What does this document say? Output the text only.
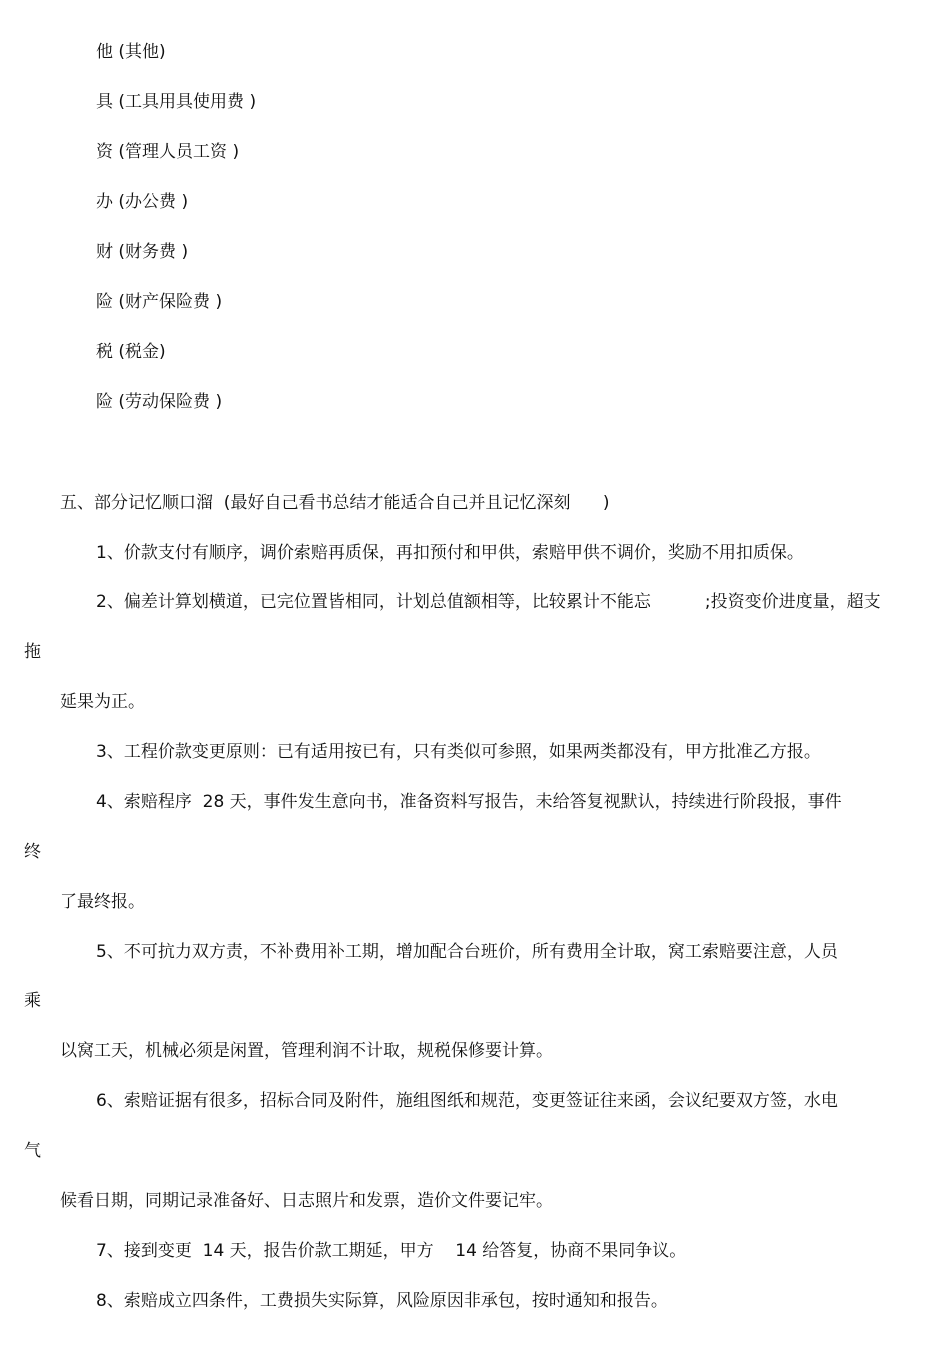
他 (其他)
具 (工具用具使用费 )
资 (管理人员工资 )
办 (办公费 )
财 (财务费 )
险 (财产保险费 )
税 (税金)
险 (劳动保险费 )
五、部分记忆顺口溜  (最好自己看书总结才能适合自己并且记忆深刻      )
1、价款支付有顺序，调价索赔再质保，再扣预付和甲供，索赔甲供不调价，奖励不用扣质保。
2、偏差计算划横道，已完位置皆相同，计划总值额相等，比较累计不能忘          ;投资变价进度量，超支
拖
延果为正。
3、工程价款变更原则：已有适用按已有，只有类似可参照，如果两类都没有，甲方批准乙方报。
4、索赔程序  28 天，事件发生意向书，准备资料写报告，未给答复视默认，持续进行阶段报，事件
终
了最终报。
5、不可抗力双方责，不补费用补工期，增加配合台班价，所有费用全计取，窝工索赔要注意，人员
乘
以窝工天，机械必须是闲置，管理利润不计取，规税保修要计算。
6、索赔证据有很多，招标合同及附件，施组图纸和规范，变更签证往来函，会议纪要双方签，水电
气
候看日期，同期记录准备好、日志照片和发票，造价文件要记牢。
7、接到变更  14 天，报告价款工期延，甲方    14 给答复，协商不果同争议。
8、索赔成立四条件，工费损失实际算，风险原因非承包，按时通知和报告。
